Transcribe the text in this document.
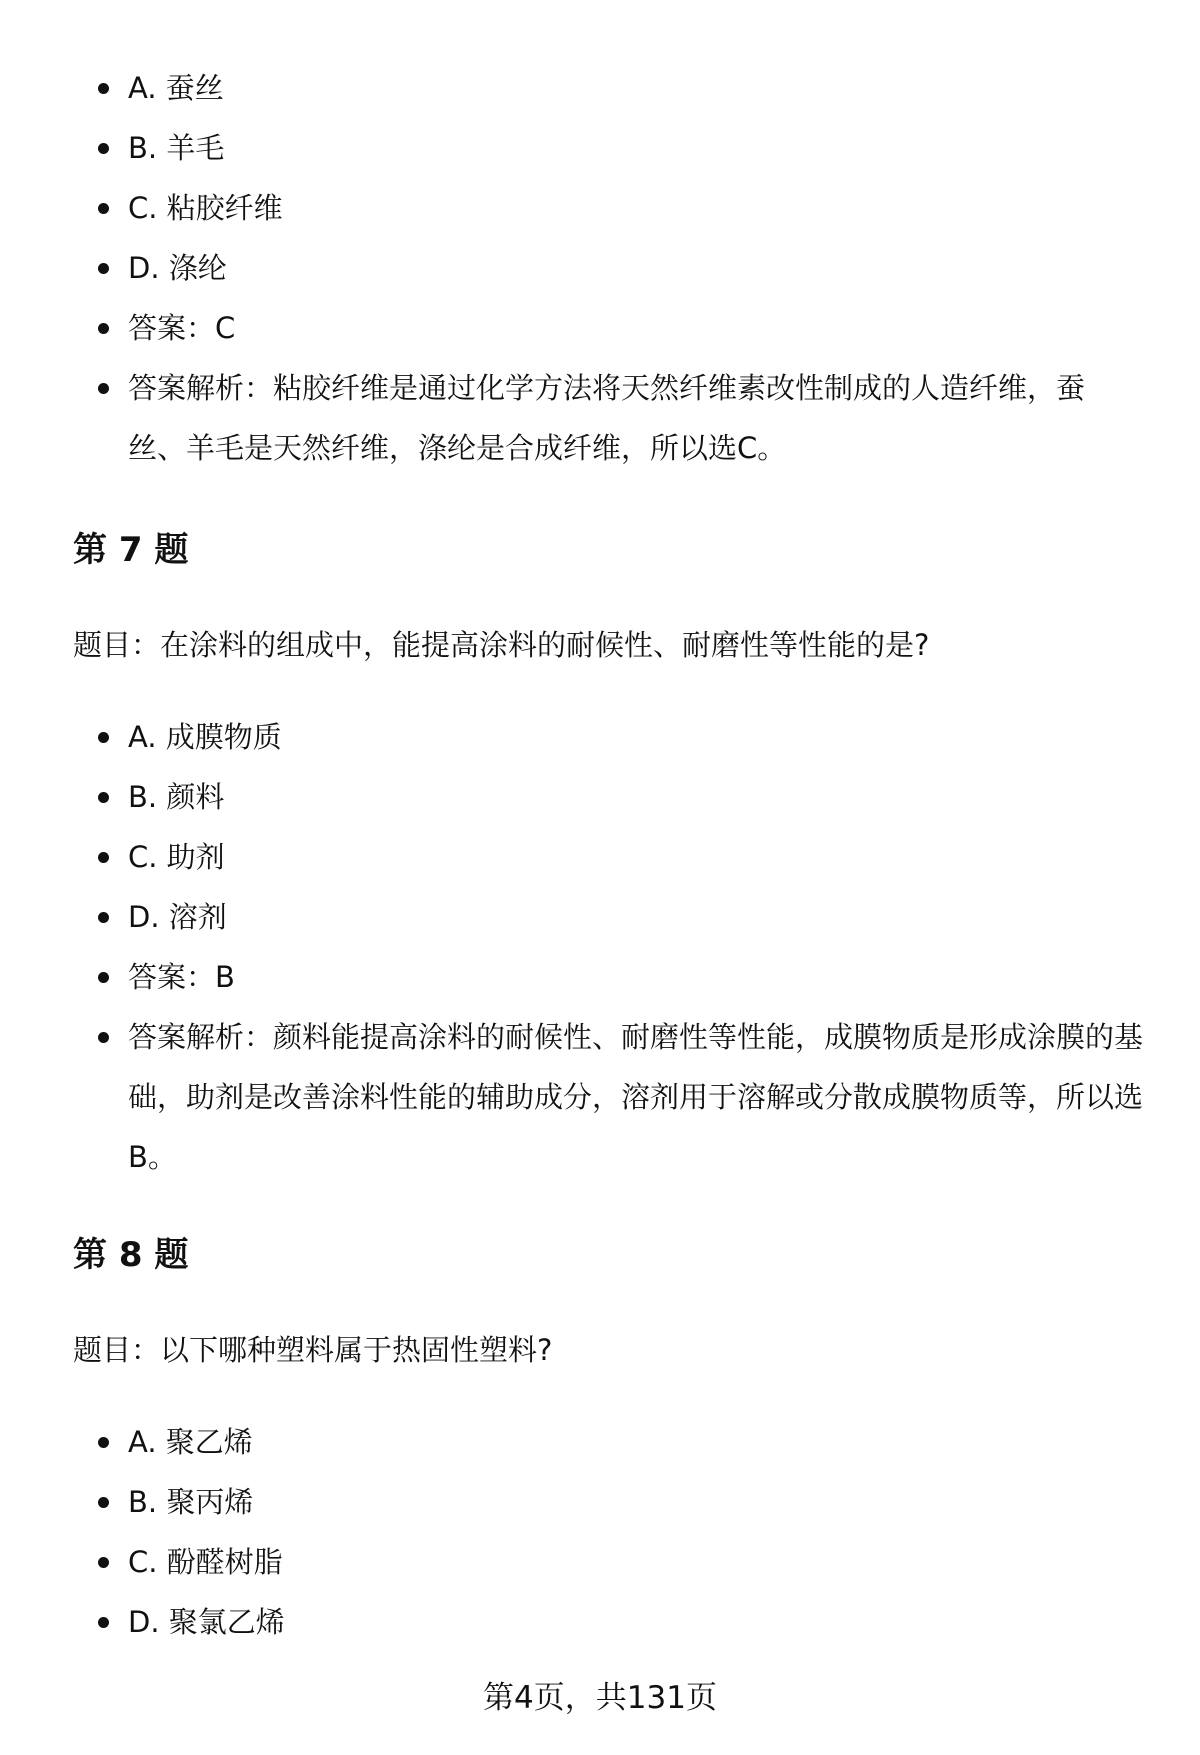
A. 蚕丝
B. 羊毛
C. 粘胶纤维
D. 涤纶
答案：C
答案解析：粘胶纤维是通过化学方法将天然纤维素改性制成的人造纤维，蚕丝、羊毛是天然纤维，涤纶是合成纤维，所以选C。
第 7 题
题目：在涂料的组成中，能提高涂料的耐候性、耐磨性等性能的是?
A. 成膜物质
B. 颜料
C. 助剂
D. 溶剂
答案：B
答案解析：颜料能提高涂料的耐候性、耐磨性等性能，成膜物质是形成涂膜的基础，助剂是改善涂料性能的辅助成分，溶剂用于溶解或分散成膜物质等，所以选B。
第 8 题
题目：以下哪种塑料属于热固性塑料?
A. 聚乙烯
B. 聚丙烯
C. 酚醛树脂
D. 聚氯乙烯
第4页，共131页
